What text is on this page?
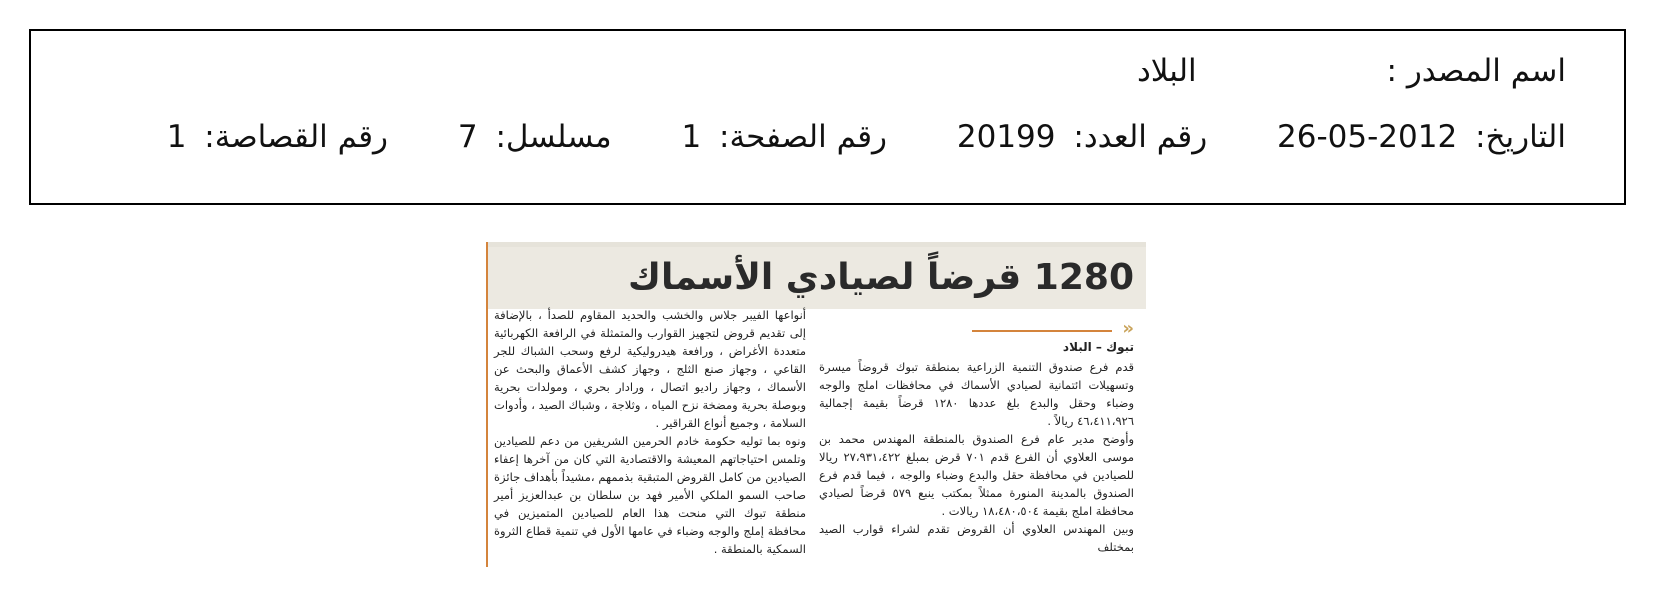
اسم المصدر : البلاد
التاريخ: 26-05-2012 رقم العدد: 20199 رقم الصفحة: 1 مسلسل: 7 رقم القصاصة: 1
1280 قرضاً لصيادي الأسماك
«
تبوك – البلاد

قدم فرع صندوق التنمية الزراعية بمنطقة تبوك قروضاً ميسرة وتسهيلات ائتمانية لصيادي الأسماك في محافظات املج والوجه وضباء وحقل والبدع بلغ عددها ١٢٨٠ قرضاً بقيمة إجمالية ٤٦،٤١١،٩٢٦ ريالاً .

وأوضح مدير عام فرع الصندوق بالمنطقة المهندس محمد بن موسى العلاوي أن الفرع قدم ٧٠١ قرض بمبلغ ٢٧،٩٣١،٤٢٢ ريالا للصيادين في محافظة حقل والبدع وضباء والوجه ، فيما قدم فرع الصندوق بالمدينة المنورة ممثلاً بمكتب ينبع ٥٧٩ قرضاً لصيادي محافظة املج بقيمة ١٨،٤٨٠،٥٠٤ ريالات .

وبين المهندس العلاوي أن القروض تقدم لشراء قوارب الصيد بمختلف

أنواعها الفيبر جلاس والخشب والحديد المقاوم للصدأ ، بالإضافة إلى تقديم قروض لتجهيز القوارب والمتمثلة في الرافعة الكهربائية متعددة الأغراض ، ورافعة هيدروليكية لرفع وسحب الشباك للجر القاعي ، وجهاز صنع الثلج ، وجهاز كشف الأعماق والبحث عن الأسماك ، وجهاز راديو اتصال ، ورادار بحري ، ومولدات بحرية وبوصلة بحرية ومضخة نزح المياه ، وثلاجة ، وشباك الصيد ، وأدوات السلامة ، وجميع أنواع القراقير .

ونوه بما توليه حكومة خادم الحرمين الشريفين من دعم للصيادين وتلمس احتياجاتهم المعيشة والاقتصادية التي كان من آخرها إعفاء الصيادين من كامل القروض المتبقية بذممهم ،مشيداً بأهداف جائزة صاحب السمو الملكي الأمير فهد بن سلطان بن عبدالعزيز أمير منطقة تبوك التي منحت هذا العام للصيادين المتميزين في محافظة إملج والوجه وضباء في عامها الأول في تنمية قطاع الثروة السمكية بالمنطقة .
